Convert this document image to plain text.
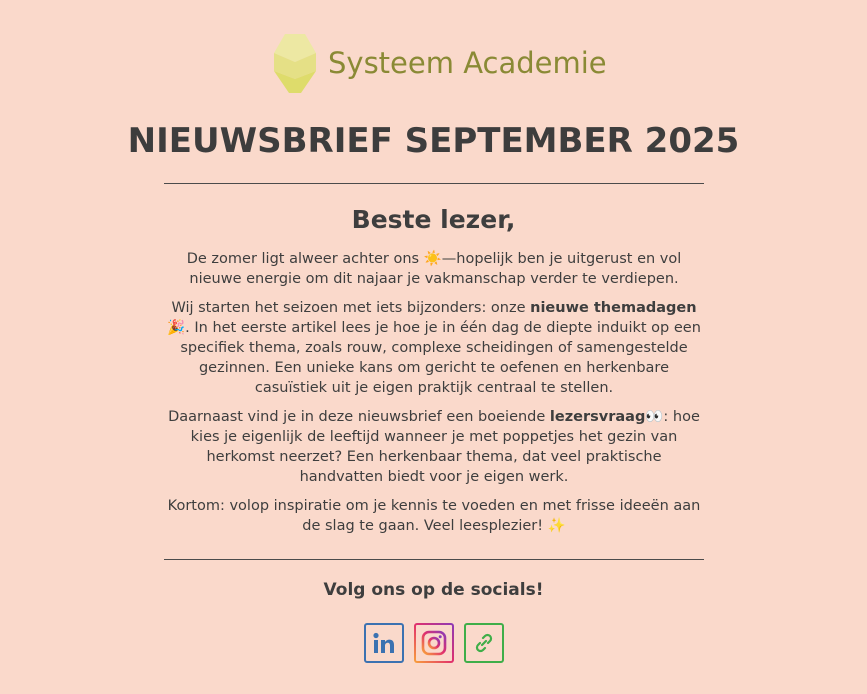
Systeem Academie
NIEUWSBRIEF SEPTEMBER 2025
Beste lezer,

De zomer ligt alweer achter ons ☀️—hopelijk ben je uitgerust en vol nieuwe energie om dit najaar je vakmanschap verder te verdiepen.

Wij starten het seizoen met iets bijzonders: onze nieuwe themadagen🎉. In het eerste artikel lees je hoe je in één dag de diepte induikt op een specifiek thema, zoals rouw, complexe scheidingen of samengestelde gezinnen. Een unieke kans om gericht te oefenen en herkenbare casuïstiek uit je eigen praktijk centraal te stellen.

Daarnaast vind je in deze nieuwsbrief een boeiende lezersvraag👀: hoe kies je eigenlijk de leeftijd wanneer je met poppetjes het gezin van herkomst neerzet? Een herkenbaar thema, dat veel praktische handvatten biedt voor je eigen werk.

Kortom: volop inspiratie om je kennis te voeden en met frisse ideeën aan de slag te gaan. Veel leesplezier! ✨

Volg ons op de socials!
